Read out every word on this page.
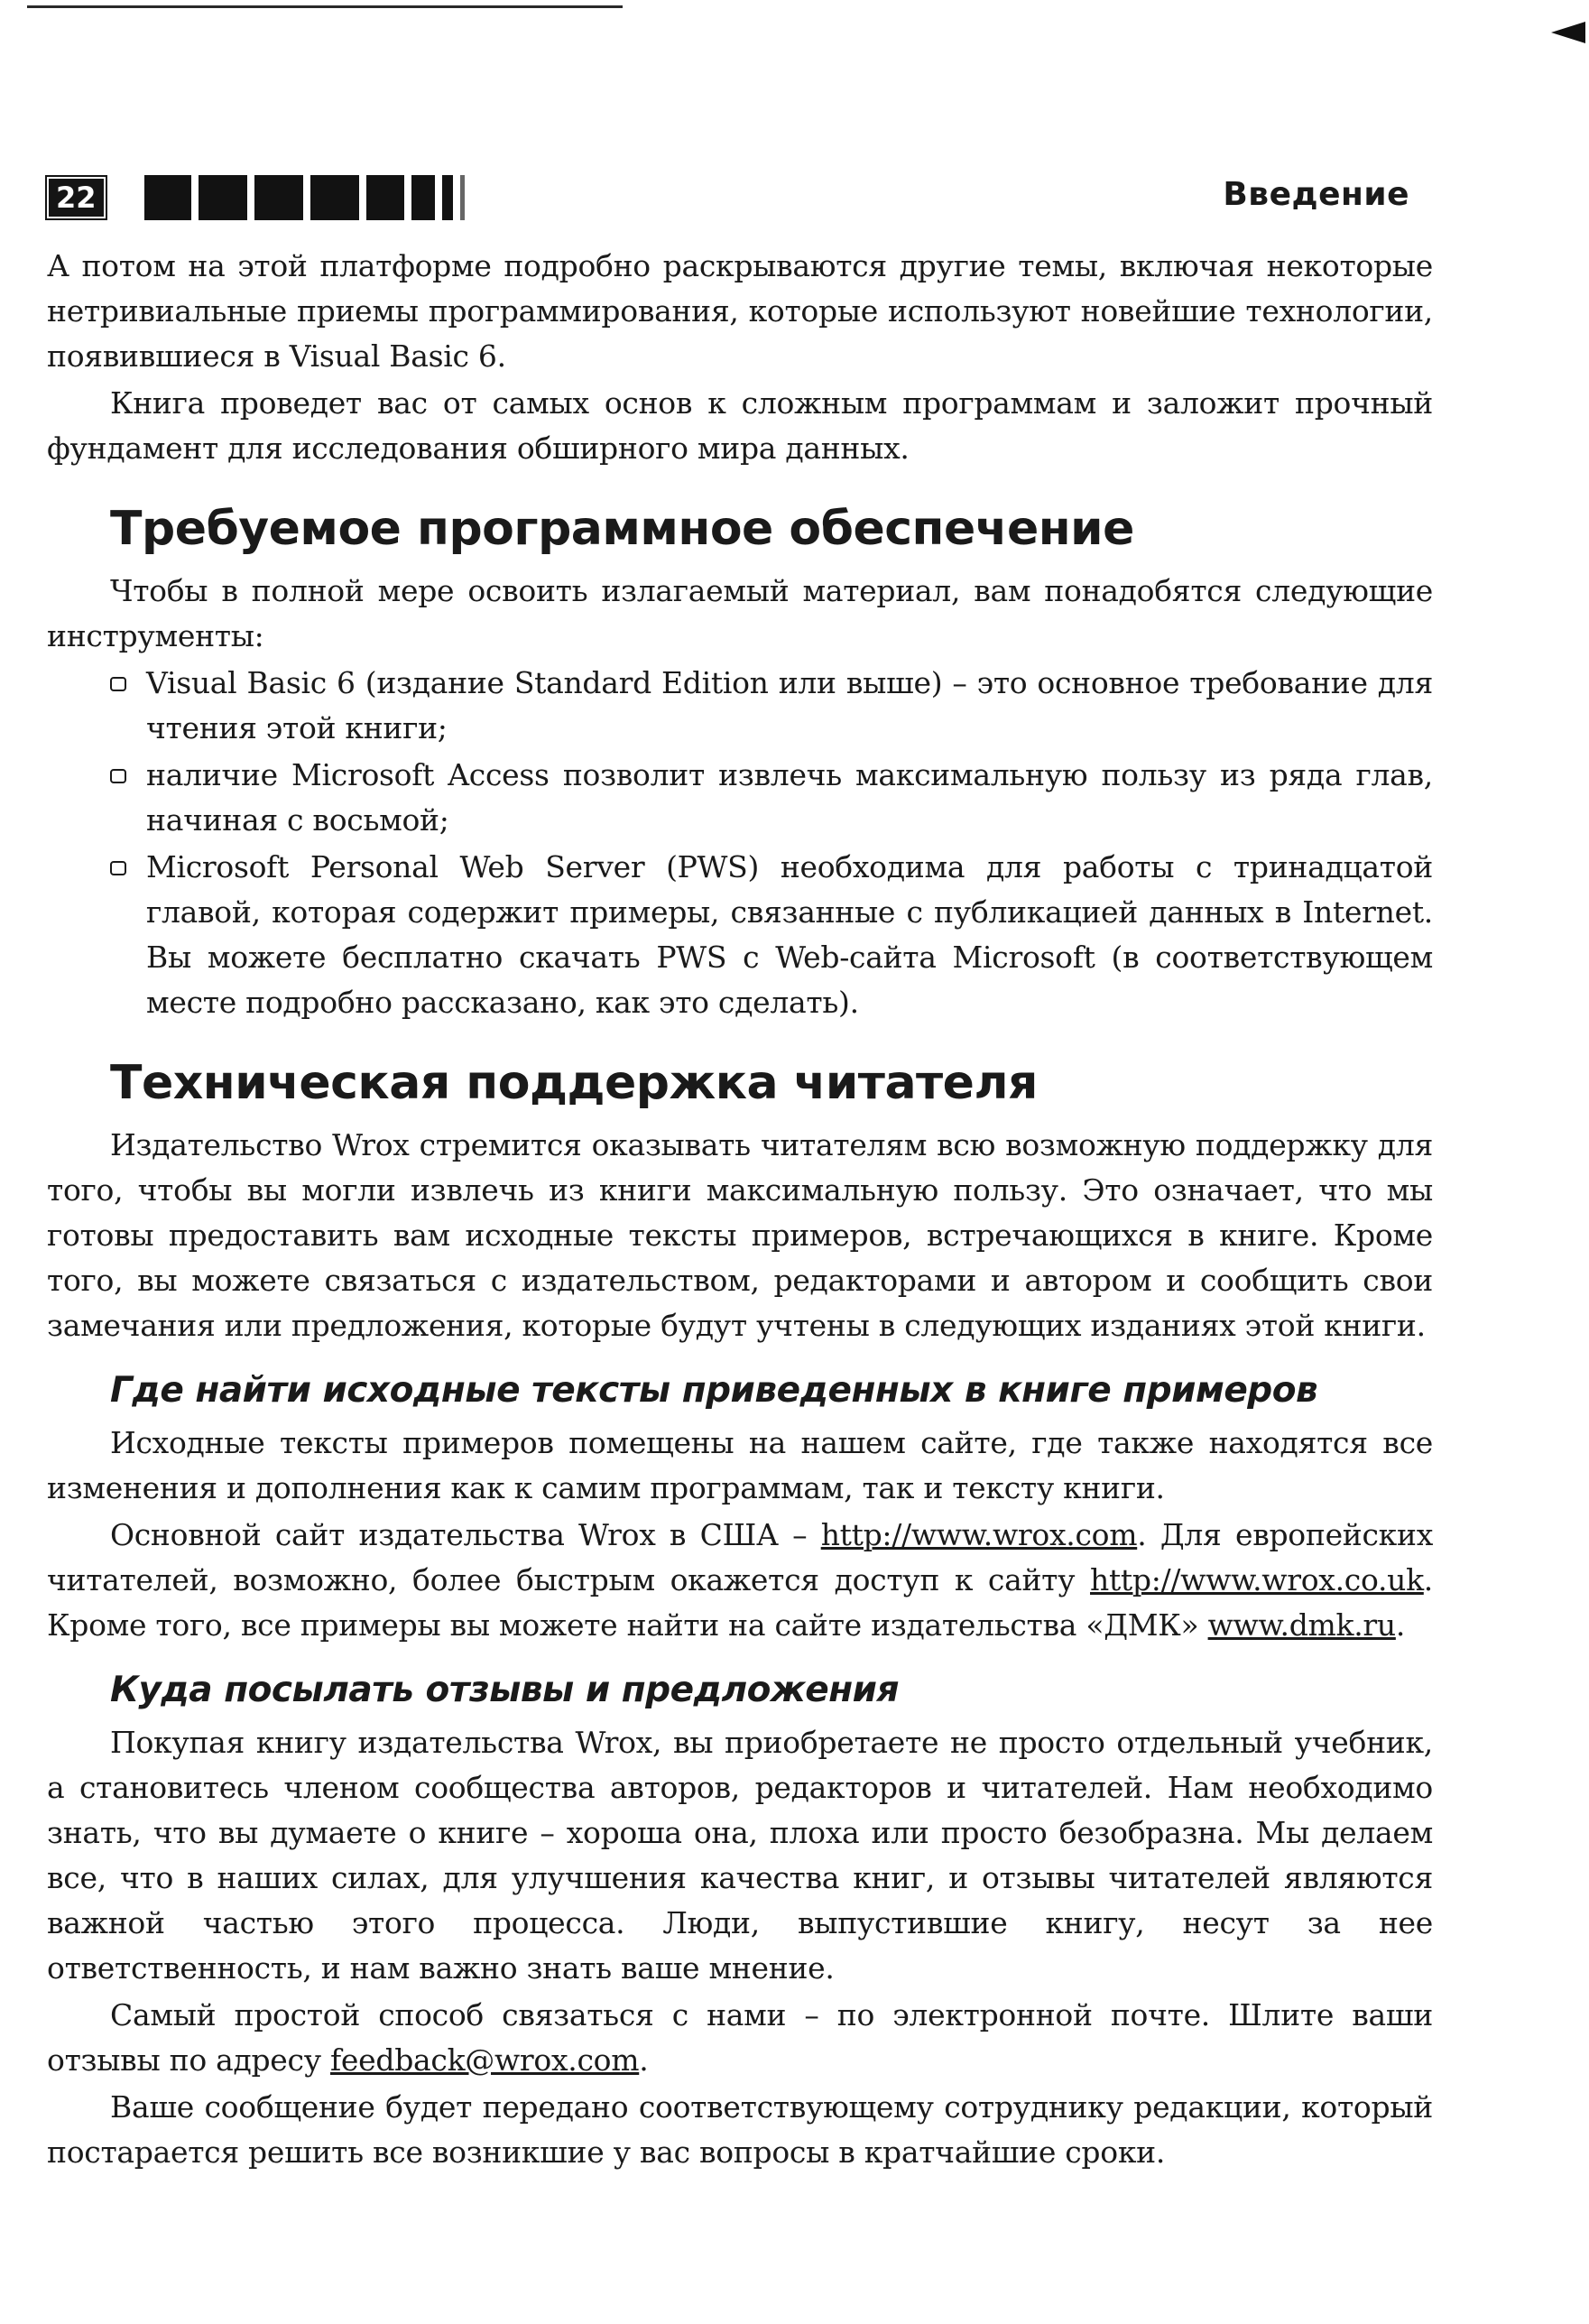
22	Введение

А потом на этой платформе подробно раскрываются другие темы, включая некоторые нетривиальные приемы программирования, которые используют новейшие технологии, появившиеся в Visual Basic 6.

Книга проведет вас от самых основ к сложным программам и заложит прочный фундамент для исследования обширного мира данных.

Требуемое программное обеспечение

Чтобы в полной мере освоить излагаемый материал, вам понадобятся следующие инструменты:

Visual Basic 6 (издание Standard Edition или выше) – это основное требование для чтения этой книги;
наличие Microsoft Access позволит извлечь максимальную пользу из ряда глав, начиная с восьмой;
Microsoft Personal Web Server (PWS) необходима для работы с тринадцатой главой, которая содержит примеры, связанные с публикацией данных в Internet. Вы можете бесплатно скачать PWS с Web-сайта Microsoft (в соответствующем месте подробно рассказано, как это сделать).
Техническая поддержка читателя

Издательство Wrox стремится оказывать читателям всю возможную поддержку для того, чтобы вы могли извлечь из книги максимальную пользу. Это означает, что мы готовы предоставить вам исходные тексты примеров, встречающихся в книге. Кроме того, вы можете связаться с издательством, редакторами и автором и сообщить свои замечания или предложения, которые будут учтены в следующих изданиях этой книги.

Где найти исходные тексты приведенных в книге примеров

Исходные тексты примеров помещены на нашем сайте, где также находятся все изменения и дополнения как к самим программам, так и тексту книги.

Основной сайт издательства Wrox в США – http://www.wrox.com. Для европейских читателей, возможно, более быстрым окажется доступ к сайту http://www.wrox.co.uk. Кроме того, все примеры вы можете найти на сайте издательства «ДМК» www.dmk.ru.

Куда посылать отзывы и предложения

Покупая книгу издательства Wrox, вы приобретаете не просто отдельный учебник, а становитесь членом сообщества авторов, редакторов и читателей. Нам необходимо знать, что вы думаете о книге – хороша она, плоха или просто безобразна. Мы делаем все, что в наших силах, для улучшения качества книг, и отзывы читателей являются важной частью этого процесса. Люди, выпустившие книгу, несут за нее ответственность, и нам важно знать ваше мнение.

Самый простой способ связаться с нами – по электронной почте. Шлите ваши отзывы по адресу feedback@wrox.com.

Ваше сообщение будет передано соответствующему сотруднику редакции, который постарается решить все возникшие у вас вопросы в кратчайшие сроки.
